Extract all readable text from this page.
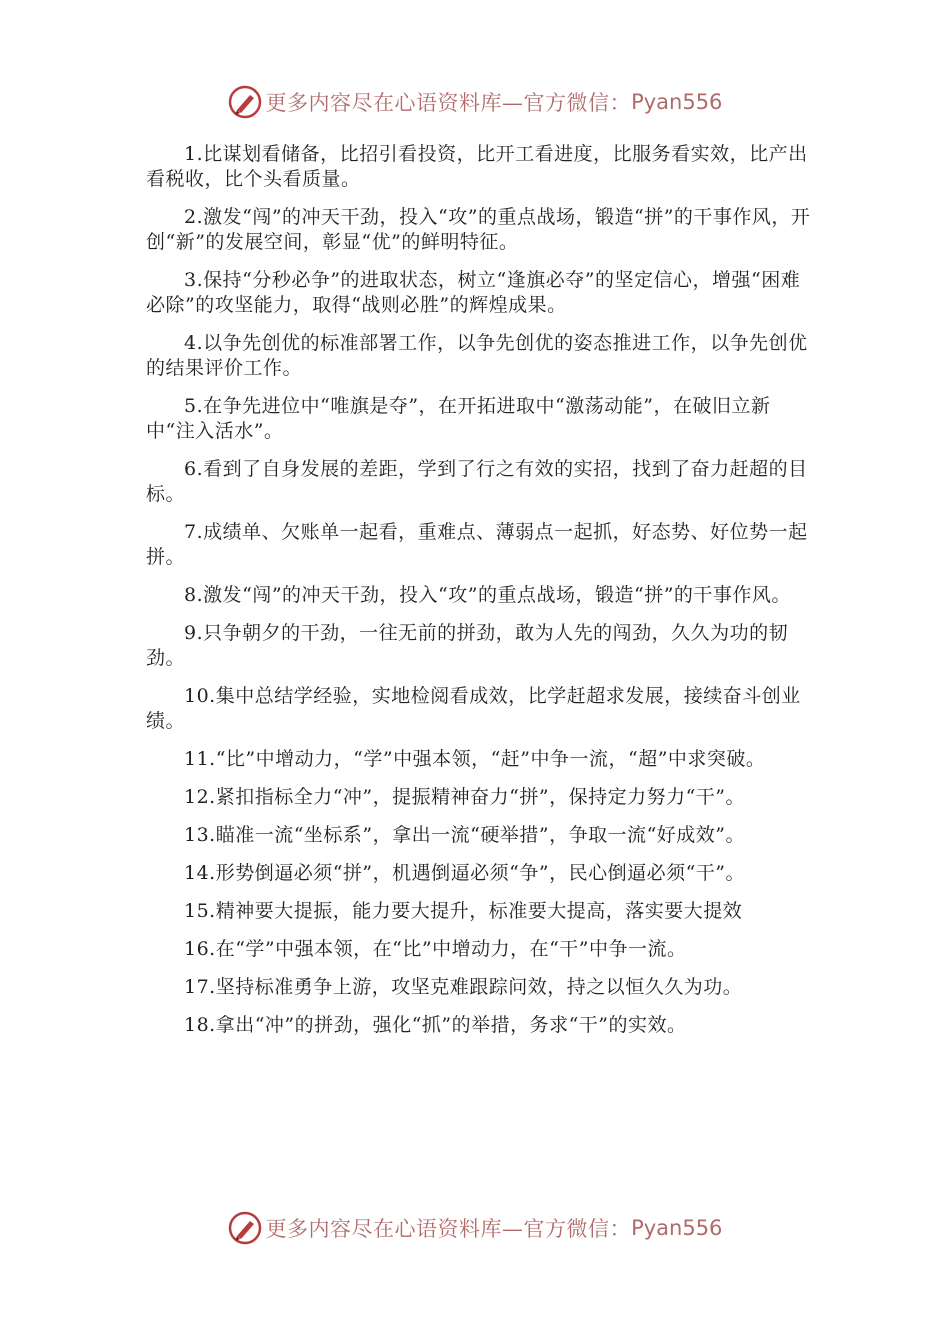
更多内容尽在心语资料库—官方微信： Pyan556

1.比谋划看储备，比招引看投资，比开工看进度，比服务看实效，比产出看税收，比个头看质量。

2.激发“闯”的冲天干劲，投入“攻”的重点战场，锻造“拼”的干事作风，开创“新”的发展空间，彰显“优”的鲜明特征。

3.保持“分秒必争”的进取状态，树立“逢旗必夺”的坚定信心，增强“困难必除”的攻坚能力，取得“战则必胜”的辉煌成果。

4.以争先创优的标准部署工作，以争先创优的姿态推进工作，以争先创优的结果评价工作。

5.在争先进位中“唯旗是夺”，在开拓进取中“激荡动能”，在破旧立新中“注入活水”。

6.看到了自身发展的差距，学到了行之有效的实招，找到了奋力赶超的目标。

7.成绩单、欠账单一起看，重难点、薄弱点一起抓，好态势、好位势一起拼。

8.激发“闯”的冲天干劲，投入“攻”的重点战场，锻造“拼”的干事作风。

9.只争朝夕的干劲，一往无前的拼劲，敢为人先的闯劲，久久为功的韧劲。

10.集中总结学经验，实地检阅看成效，比学赶超求发展，接续奋斗创业绩。

11.“比”中增动力，“学”中强本领，“赶”中争一流，“超”中求突破。

12.紧扣指标全力“冲”，提振精神奋力“拼”，保持定力努力“干”。

13.瞄准一流“坐标系”，拿出一流“硬举措”，争取一流“好成效”。

14.形势倒逼必须“拼”，机遇倒逼必须“争”，民心倒逼必须“干”。

15.精神要大提振，能力要大提升，标准要大提高，落实要大提效

16.在“学”中强本领，在“比”中增动力，在“干”中争一流。

17.坚持标准勇争上游，攻坚克难跟踪问效，持之以恒久久为功。

18.拿出“冲”的拼劲，强化“抓”的举措，务求“干”的实效。

更多内容尽在心语资料库—官方微信： Pyan556
